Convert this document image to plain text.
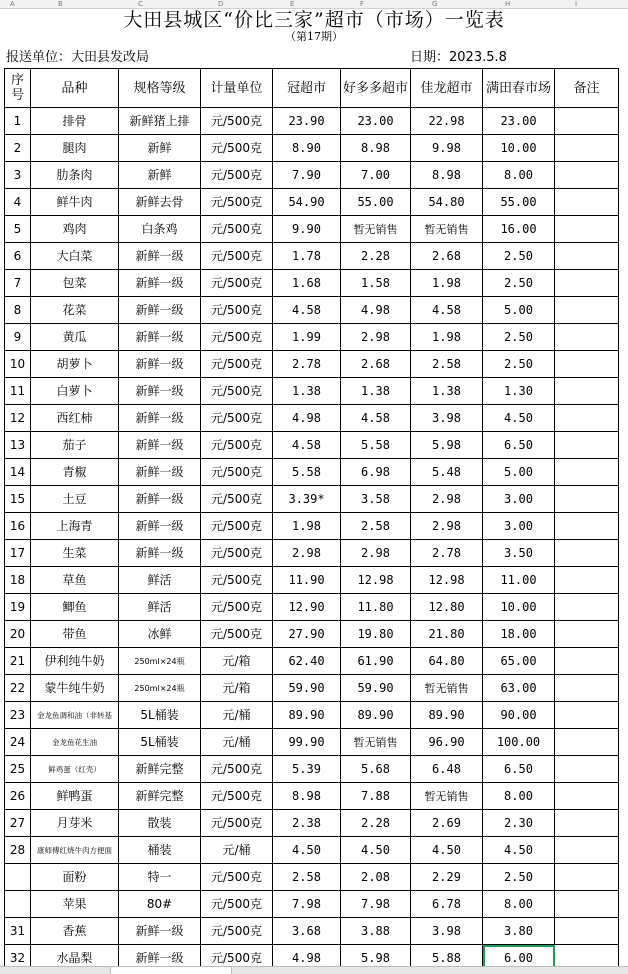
A	B	C	D	E	F	G	H	I
大田县城区“价比三家”超市（市场）一览表
（第17期）
报送单位：大田县发改局	日期：2023.5.8
序号	品种	规格等级	计量单位	冠超市	好多多超市	佳龙超市	满田春市场	备注
1	排骨	新鲜猪上排	元/500克	23.90	23.00	22.98	23.00	
2	腿肉	新鲜	元/500克	8.90	8.98	9.98	10.00	
3	肋条肉	新鲜	元/500克	7.90	7.00	8.98	8.00	
4	鲜牛肉	新鲜去骨	元/500克	54.90	55.00	54.80	55.00	
5	鸡肉	白条鸡	元/500克	9.90	暂无销售	暂无销售	16.00	
6	大白菜	新鲜一级	元/500克	1.78	2.28	2.68	2.50	
7	包菜	新鲜一级	元/500克	1.68	1.58	1.98	2.50	
8	花菜	新鲜一级	元/500克	4.58	4.98	4.58	5.00	
9	黄瓜	新鲜一级	元/500克	1.99	2.98	1.98	2.50	
10	胡萝卜	新鲜一级	元/500克	2.78	2.68	2.58	2.50	
11	白萝卜	新鲜一级	元/500克	1.38	1.38	1.38	1.30	
12	西红柿	新鲜一级	元/500克	4.98	4.58	3.98	4.50	
13	茄子	新鲜一级	元/500克	4.58	5.58	5.98	6.50	
14	青椒	新鲜一级	元/500克	5.58	6.98	5.48	5.00	
15	土豆	新鲜一级	元/500克	3.39*	3.58	2.98	3.00	
16	上海青	新鲜一级	元/500克	1.98	2.58	2.98	3.00	
17	生菜	新鲜一级	元/500克	2.98	2.98	2.78	3.50	
18	草鱼	鲜活	元/500克	11.90	12.98	12.98	11.00	
19	鲫鱼	鲜活	元/500克	12.90	11.80	12.80	10.00	
20	带鱼	冰鲜	元/500克	27.90	19.80	21.80	18.00	
21	伊利纯牛奶	250ml×24瓶	元/箱	62.40	61.90	64.80	65.00	
22	蒙牛纯牛奶	250ml×24瓶	元/箱	59.90	59.90	暂无销售	63.00	
23	金龙鱼调和油（非转基	5L桶装	元/桶	89.90	89.90	89.90	90.00	
24	金龙鱼花生油	5L桶装	元/桶	99.90	暂无销售	96.90	100.00	
25	鲜鸡蛋（红壳）	新鲜完整	元/500克	5.39	5.68	6.48	6.50	
26	鲜鸭蛋	新鲜完整	元/500克	8.98	7.88	暂无销售	8.00	
27	月芽米	散装	元/500克	2.38	2.28	2.69	2.30	
28	康师傅红烧牛肉方便面	桶装	元/桶	4.50	4.50	4.50	4.50	
	面粉	特一	元/500克	2.58	2.08	2.29	2.50	
	苹果	80#	元/500克	7.98	7.98	6.78	8.00	
31	香蕉	新鲜一级	元/500克	3.68	3.88	3.98	3.80	
32	水晶梨	新鲜一级	元/500克	4.98	5.98	5.88	6.00	
